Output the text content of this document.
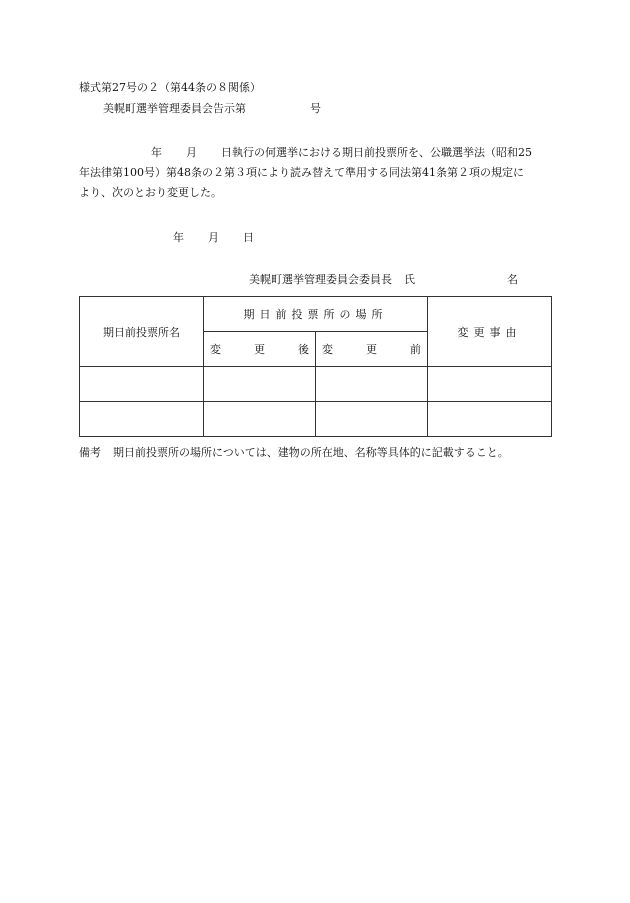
様式第27号の２（第44条の８関係）
美幌町選挙管理委員会告示第	号
年 月 日執行の何選挙における期日前投票所を、公職選挙法（昭和25
年法律第100号）第48条の２第３項により読み替えて準用する同法第41条第２項の規定に
より、次のとおり変更した。
年 月 日
美幌町選挙管理委員会委員長 氏	名
期日前投票所名	期日前投票所の場所		変更事由

	変 更 後	変 更 前	

備考 期日前投票所の場所については、建物の所在地、名称等具体的に記載すること。
